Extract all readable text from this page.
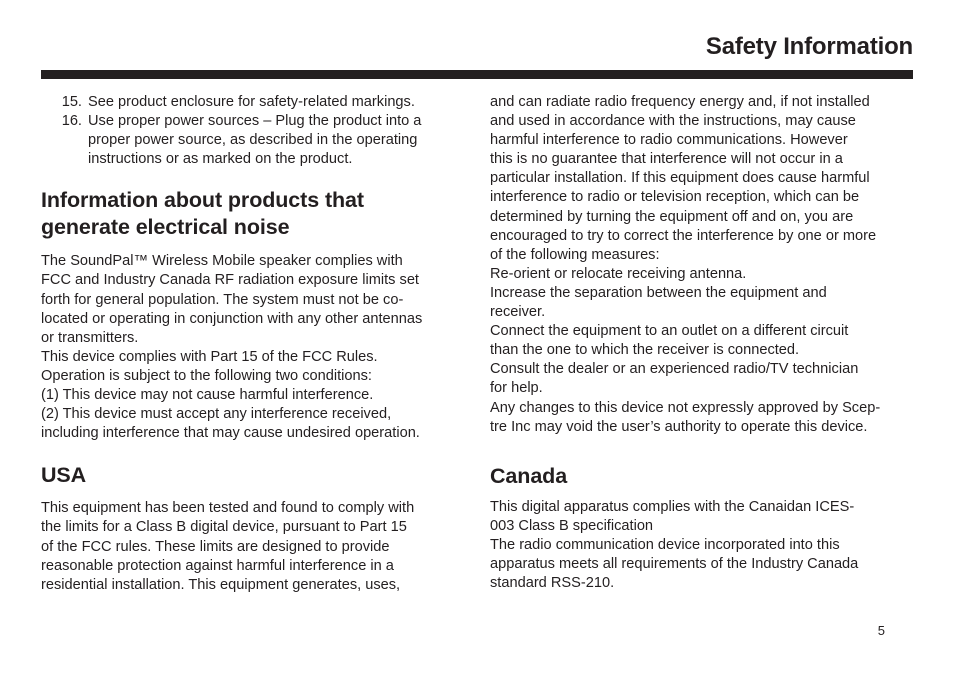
Safety Information
15. See product enclosure for safety-related markings.
16. Use proper power sources – Plug the product into a
proper power source, as described in the operating
instructions or as marked on the product.
Information about products that
generate electrical noise
The SoundPal™ Wireless Mobile speaker complies with
FCC and Industry Canada RF radiation exposure limits set
forth for general population. The system must not be co-
located or operating in conjunction with any other antennas
or transmitters.
This device complies with Part 15 of the FCC Rules.
Operation is subject to the following two conditions:
(1) This device may not cause harmful interference.
(2) This device must accept any interference received,
including interference that may cause undesired operation.
USA
This equipment has been tested and found to comply with
the limits for a Class B digital device, pursuant to Part 15
of the FCC rules. These limits are designed to provide
reasonable protection against harmful interference in a
residential installation. This equipment generates, uses,
and can radiate radio frequency energy and, if not installed
and used in accordance with the instructions, may cause
harmful interference to radio communications. However
this is no guarantee that interference will not occur in a
particular installation. If this equipment does cause harmful
interference to radio or television reception, which can be
determined by turning the equipment off and on, you are
encouraged to try to correct the interference by one or more
of the following measures:
Re-orient or relocate receiving antenna.
Increase the separation between the equipment and
receiver.
Connect the equipment to an outlet on a different circuit
than the one to which the receiver is connected.
Consult the dealer or an experienced radio/TV technician
for help.
Any changes to this device not expressly approved by Scep-
tre Inc may void the user’s authority to operate this device.
Canada
This digital apparatus complies with the Canaidan ICES-
003 Class B specification
The radio communication device incorporated into this
apparatus meets all requirements of the Industry Canada
standard RSS-210.
5
